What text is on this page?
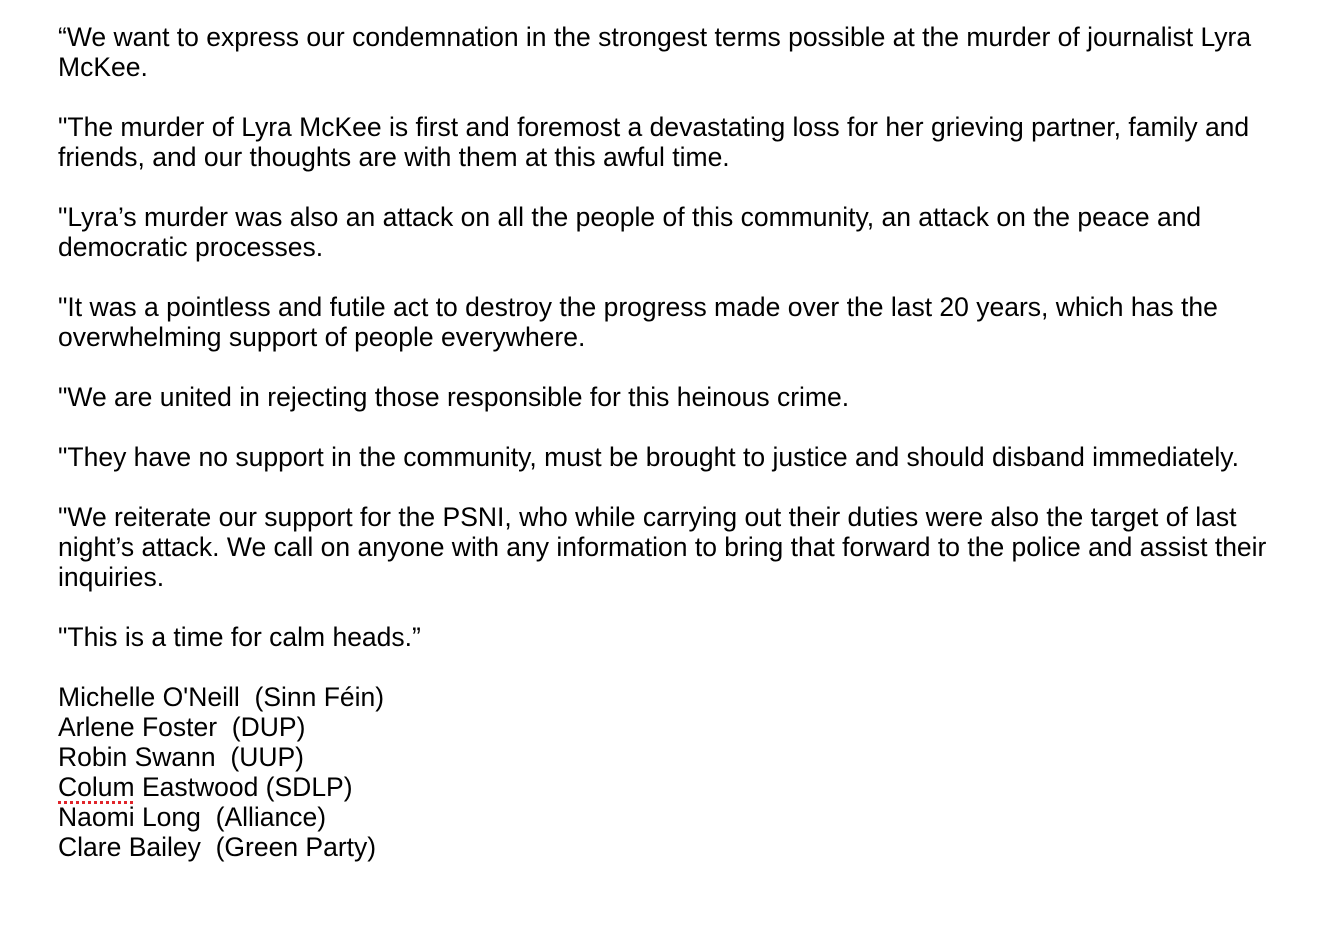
“We want to express our condemnation in the strongest terms possible at the murder of journalist Lyra McKee.

"The murder of Lyra McKee is first and foremost a devastating loss for her grieving partner, family and friends, and our thoughts are with them at this awful time.

"Lyra’s murder was also an attack on all the people of this community, an attack on the peace and democratic processes.

"It was a pointless and futile act to destroy the progress made over the last 20 years, which has the overwhelming support of people everywhere.

"We are united in rejecting those responsible for this heinous crime.

"They have no support in the community, must be brought to justice and should disband immediately.

"We reiterate our support for the PSNI, who while carrying out their duties were also the target of last night’s attack. We call on anyone with any information to bring that forward to the police and assist their inquiries.

"This is a time for calm heads.”

Michelle O'Neill  (Sinn Féin)
Arlene Foster  (DUP)
Robin Swann  (UUP)
Colum Eastwood (SDLP)
Naomi Long  (Alliance)
Clare Bailey  (Green Party)
